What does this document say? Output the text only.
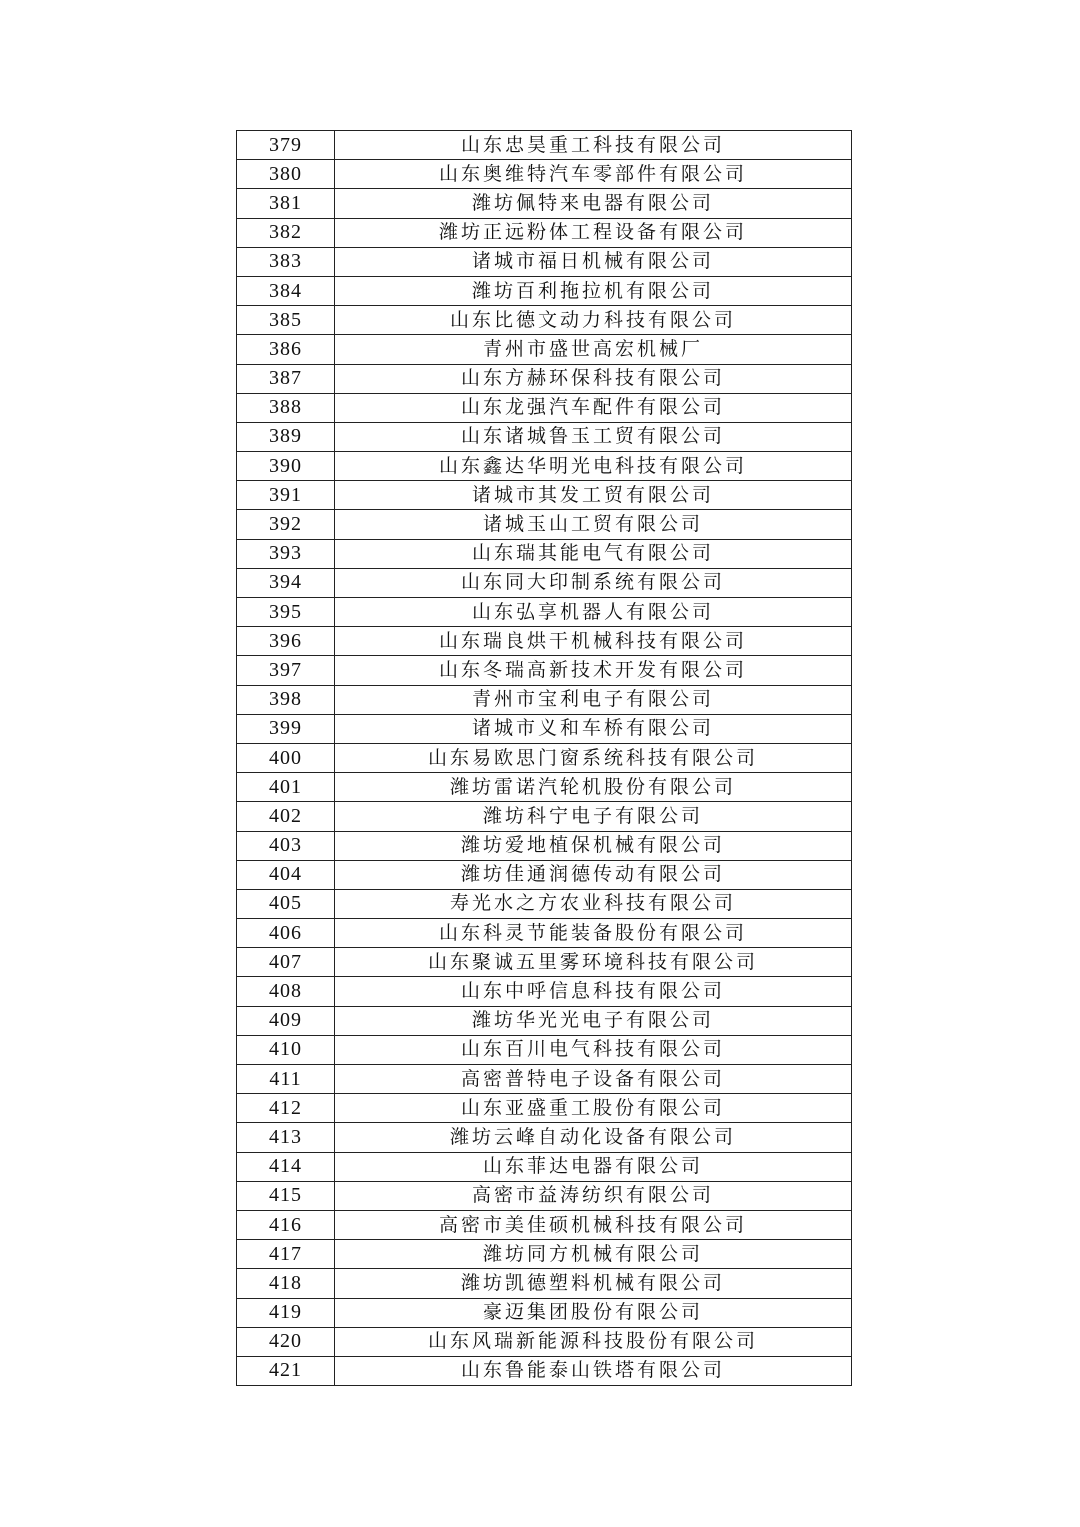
379	山东忠昊重工科技有限公司
380	山东奥维特汽车零部件有限公司
381	潍坊佩特来电器有限公司
382	潍坊正远粉体工程设备有限公司
383	诸城市福日机械有限公司
384	潍坊百利拖拉机有限公司
385	山东比德文动力科技有限公司
386	青州市盛世高宏机械厂
387	山东方赫环保科技有限公司
388	山东龙强汽车配件有限公司
389	山东诸城鲁玉工贸有限公司
390	山东鑫达华明光电科技有限公司
391	诸城市其发工贸有限公司
392	诸城玉山工贸有限公司
393	山东瑞其能电气有限公司
394	山东同大印制系统有限公司
395	山东弘享机器人有限公司
396	山东瑞良烘干机械科技有限公司
397	山东冬瑞高新技术开发有限公司
398	青州市宝利电子有限公司
399	诸城市义和车桥有限公司
400	山东易欧思门窗系统科技有限公司
401	潍坊雷诺汽轮机股份有限公司
402	潍坊科宁电子有限公司
403	潍坊爱地植保机械有限公司
404	潍坊佳通润德传动有限公司
405	寿光水之方农业科技有限公司
406	山东科灵节能装备股份有限公司
407	山东聚诚五里雾环境科技有限公司
408	山东中呼信息科技有限公司
409	潍坊华光光电子有限公司
410	山东百川电气科技有限公司
411	高密普特电子设备有限公司
412	山东亚盛重工股份有限公司
413	潍坊云峰自动化设备有限公司
414	山东菲达电器有限公司
415	高密市益涛纺织有限公司
416	高密市美佳硕机械科技有限公司
417	潍坊同方机械有限公司
418	潍坊凯德塑料机械有限公司
419	豪迈集团股份有限公司
420	山东风瑞新能源科技股份有限公司
421	山东鲁能泰山铁塔有限公司
